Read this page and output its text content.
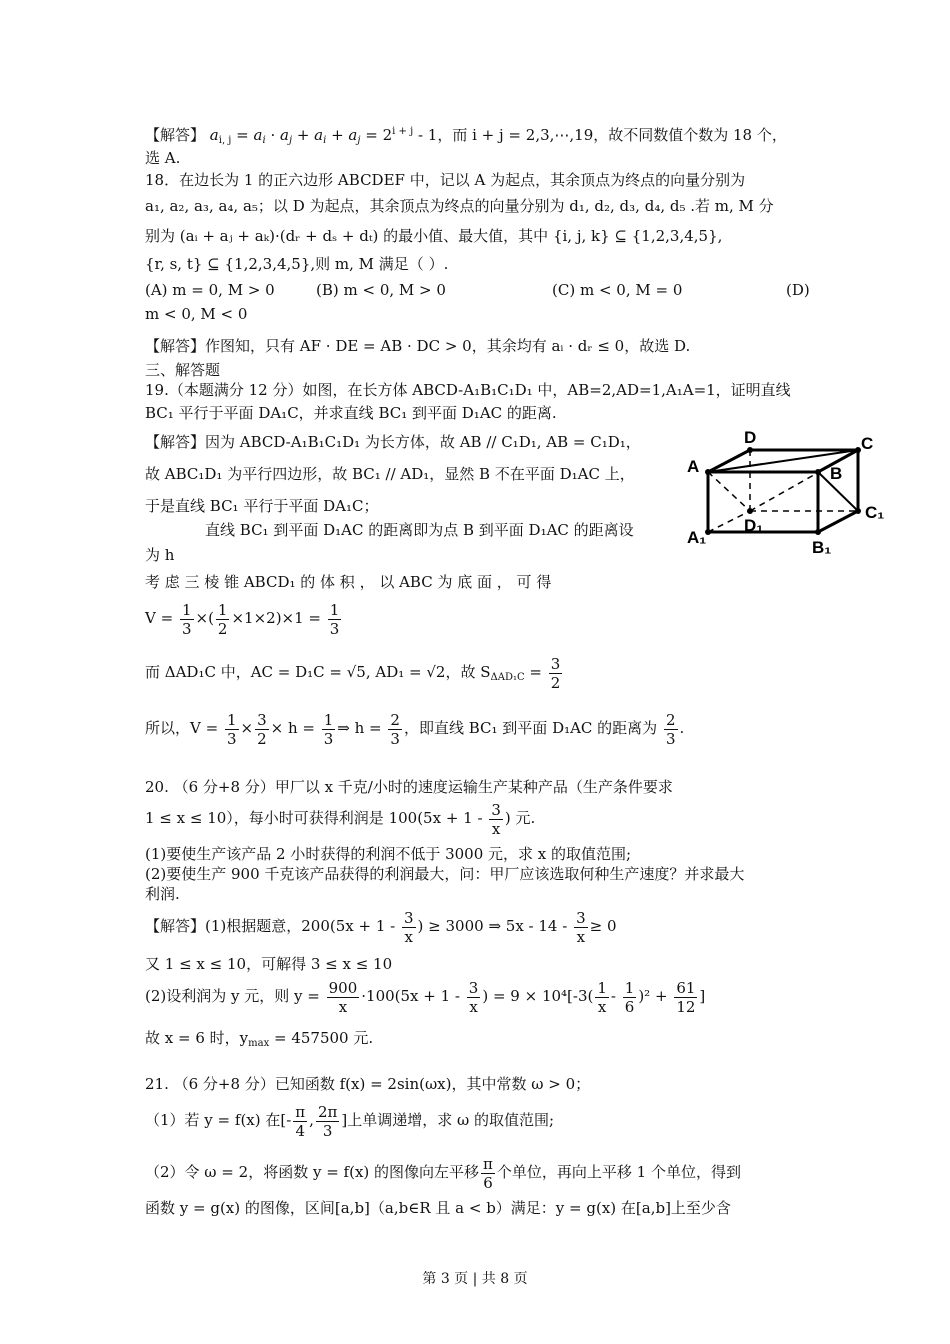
【解答】 $a_{i, j} = a_i \cdot a_j + a_i + a_j = 2^{i + j} - 1$，而 i + j = 2,3,⋯,19，故不同数值个数为 18 个，
选 A.
18．在边长为 1 的正六边形 ABCDEF 中，记以 A 为起点，其余顶点为终点的向量分别为
a₁, a₂, a₃, a₄, a₅；以 D 为起点，其余顶点为终点的向量分别为 d₁, d₂, d₃, d₄, d₅ .若 m, M 分
别为 (aᵢ + aⱼ + aₖ)·(dᵣ + dₛ + dₜ) 的最小值、最大值，其中 {i, j, k} ⊆ {1,2,3,4,5},
{r, s, t} ⊆ {1,2,3,4,5},则 m, M 满足（ ）.
(A) m = 0, M > 0	(B) m < 0, M > 0	(C) m < 0, M = 0	(D)
m < 0, M < 0
【解答】作图知，只有 AF · DE = AB · DC > 0，其余均有 aᵢ · dᵣ ≤ 0，故选 D.
三、解答题
19.（本题满分 12 分）如图，在长方体 ABCD-A₁B₁C₁D₁ 中，AB=2,AD=1,A₁A=1，证明直线
BC₁ 平行于平面 DA₁C，并求直线 BC₁ 到平面 D₁AC 的距离.
【解答】因为 ABCD-A₁B₁C₁D₁ 为长方体，故 AB // C₁D₁, AB = C₁D₁，
故 ABC₁D₁ 为平行四边形，故 BC₁ // AD₁，显然 B 不在平面 D₁AC 上，
于是直线 BC₁ 平行于平面 DA₁C；
直线 BC₁ 到平面 D₁AC 的距离即为点 B 到平面 D₁AC 的距离设
为 h
考 虑 三 棱 锥 ABCD₁ 的 体 积 ， 以 ABC 为 底 面 ， 可 得
$V = \frac{1}{3}$ ×( $\frac{1}{2} \times 1\times 2)\times 1 = \frac{1}{3}$
而 ΔAD₁C 中，AC = D₁C = √5, AD₁ = √2，故 $S_{\Delta AD_1C} = \frac{3}{2}$
所以，$V = \frac{1}{3} \times \frac{3}{2} \times h = \frac{1}{3}$ ⇒ $h = \frac{2}{3}$ ，即直线 BC₁ 到平面 D₁AC 的距离为 $\frac{2}{3}$ .
D	C
A	B
C₁
D₁
A₁
B₁
20. （6 分+8 分）甲厂以 x 千克/小时的速度运输生产某种产品（生产条件要求
1 ≤ x ≤ 10），每小时可获得利润是 $100(5x + 1 - \frac{3}{x}$ ) 元.
(1)要使生产该产品 2 小时获得的利润不低于 3000 元，求 x 的取值范围;
(2)要使生产 900 千克该产品获得的利润最大，问：甲厂应该选取何种生产速度？并求最大
利润.
【解答】(1)根据题意，$200(5x + 1 - \frac{3}{x}$ ) ≥ 3000 ⇒ $5x - 14 - \frac{3}{x} \ge 0$
又 1 ≤ x ≤ 10，可解得 3 ≤ x ≤ 10
(2)设利润为 y 元，则 $y = \frac{900}{x} \cdot 100(5x + 1 - \frac{3}{x}$ ) = $9 \times 10^4[-3( \frac{1}{x} - \frac{1}{6} )^2 + \frac{61}{12}$ ]
故 x = 6 时，$y_{max} = 457500$ 元.
21. （6 分+8 分）已知函数 f(x) = 2sin(ωx)，其中常数 ω > 0；
（1）若 y = f(x) 在[- $\frac{\pi}{4}$ , $\frac{2\pi}{3}$ ]上单调递增，求 ω 的取值范围;
（2）令 ω = 2，将函数 y = f(x) 的图像向左平移 $\frac{\pi}{6}$ 个单位，再向上平移 1 个单位，得到
函数 y = g(x) 的图像，区间[a,b]（a,b∈R 且 a < b）满足：y = g(x) 在[a,b]上至少含
第 3 页 | 共 8 页
